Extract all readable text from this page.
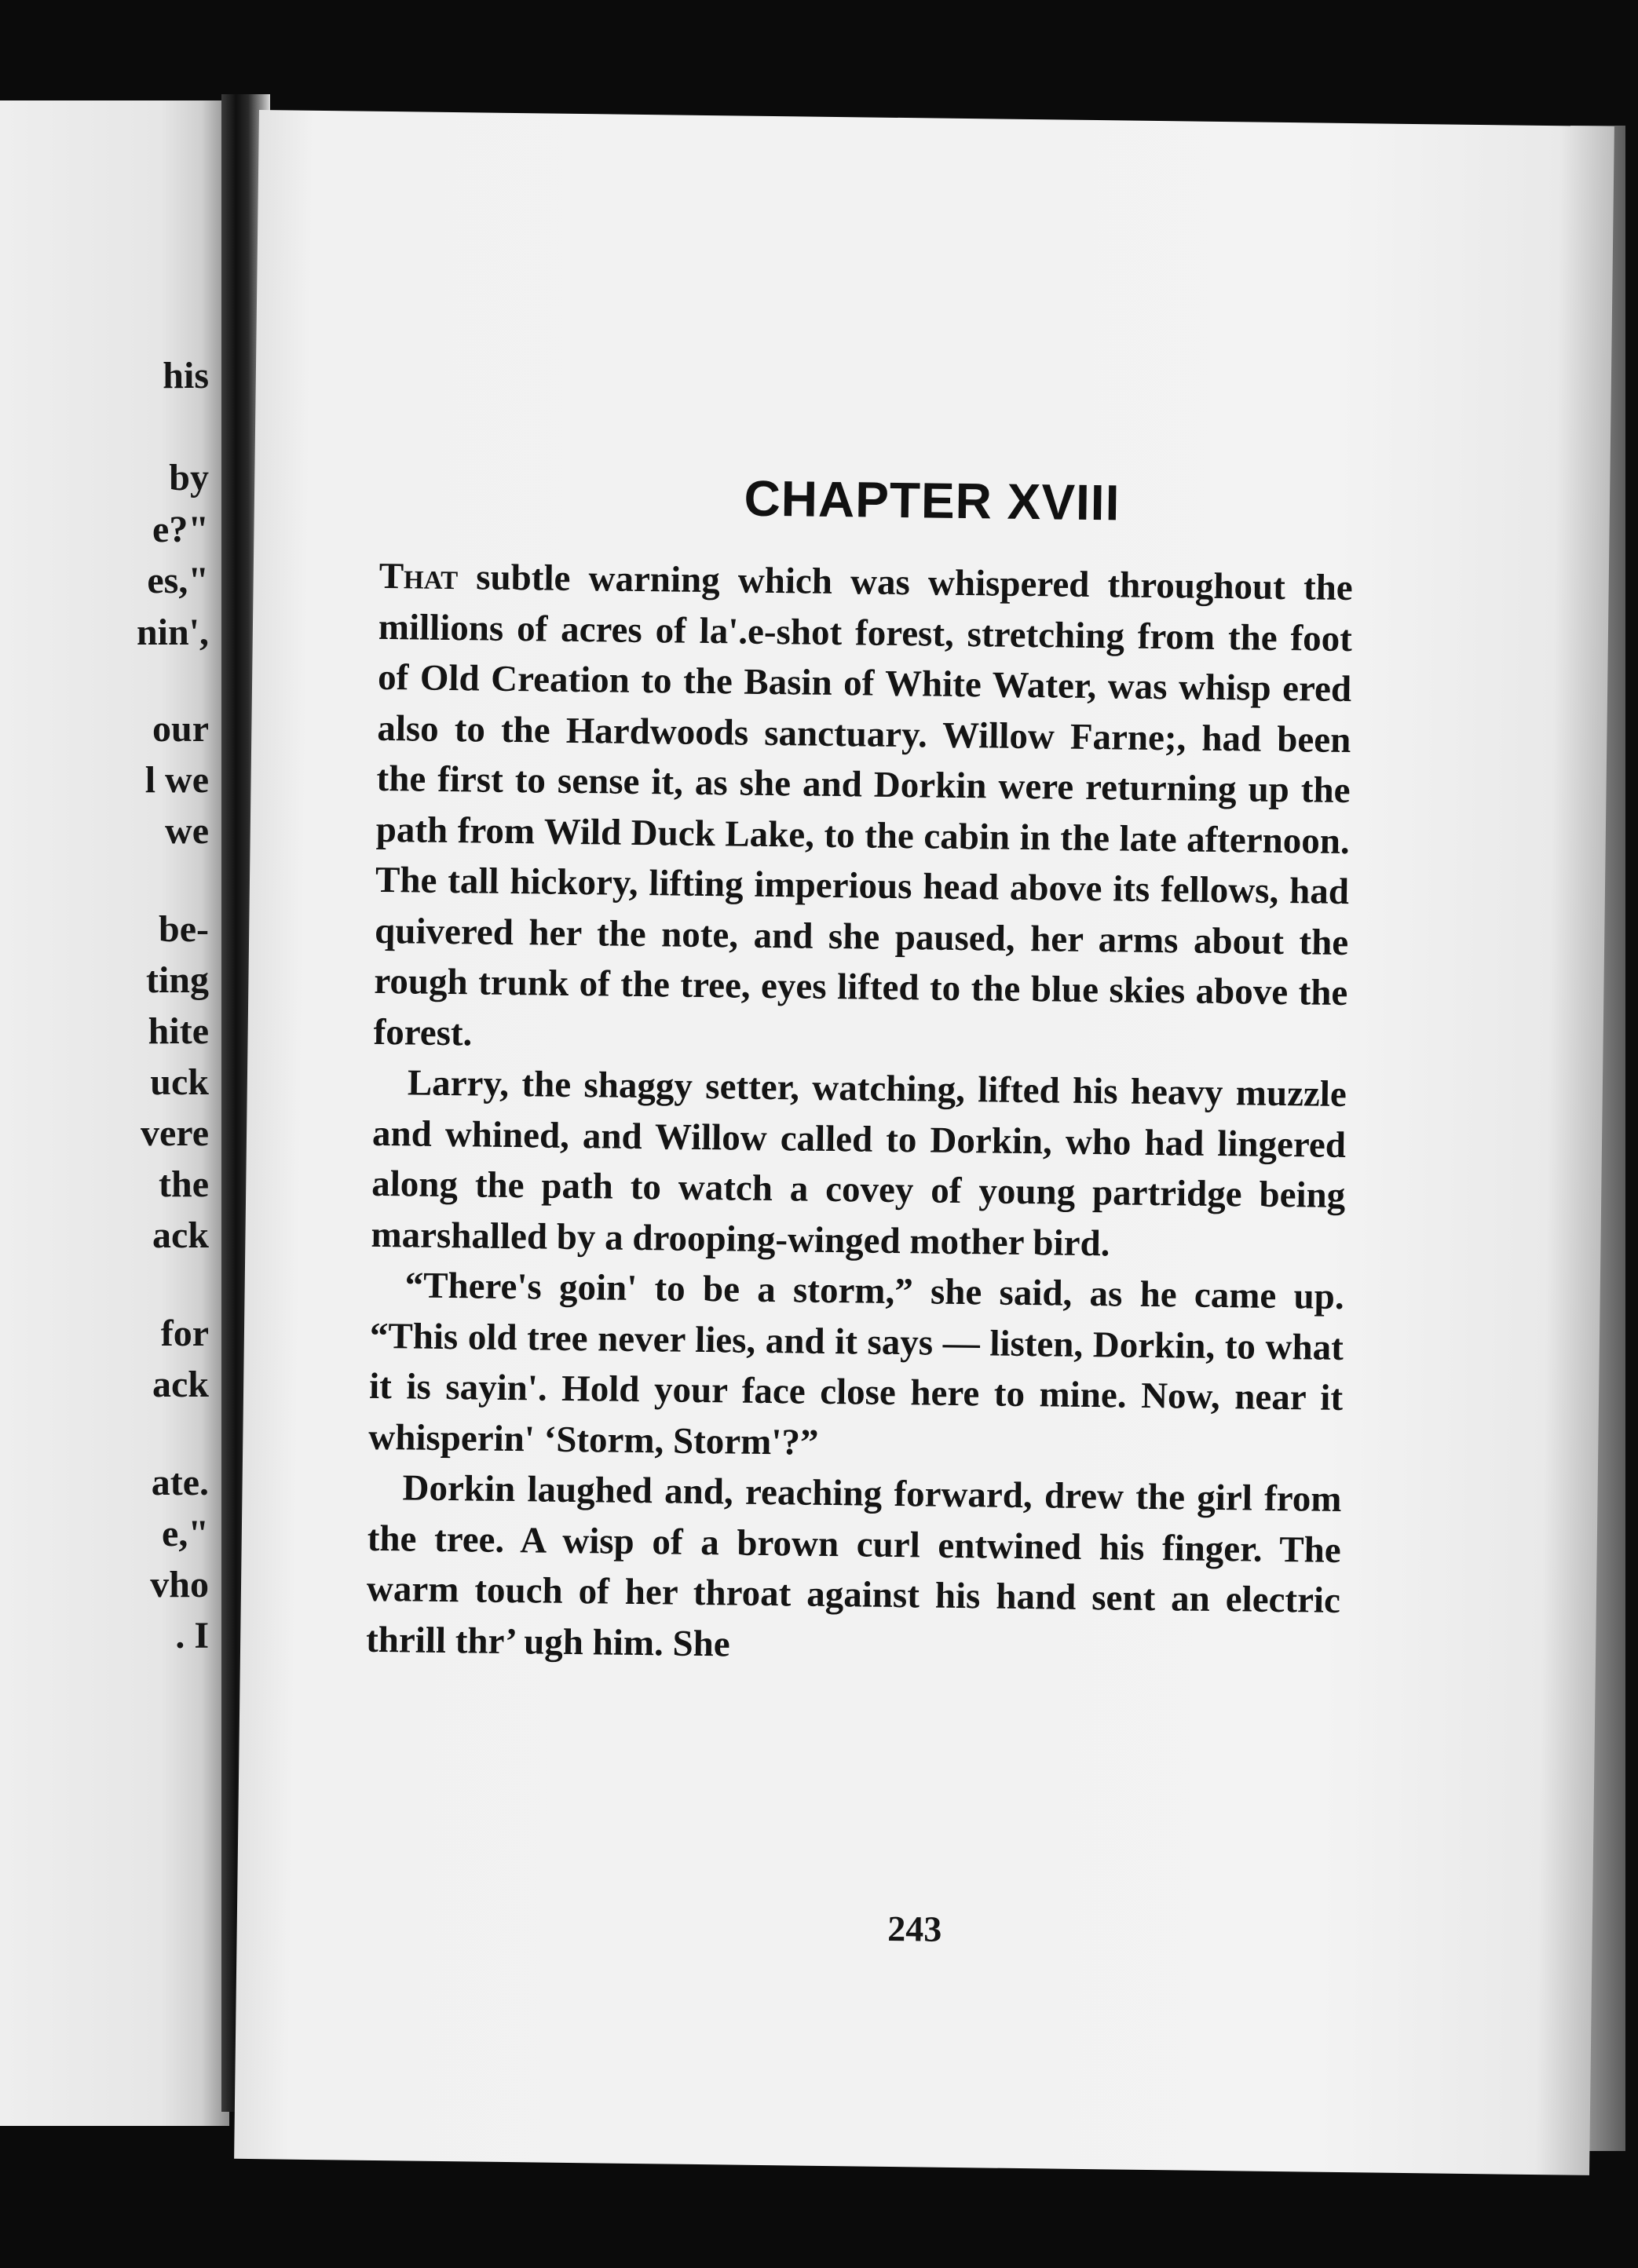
his
by
e?"
es,"
nin',
our
l we
we
be-
ting
hite
uck
vere
the
ack
for
ack
ate.
e,"
vho
. I
CHAPTER XVIII

That subtle warning which was whispered throughout the millions of acres of la'.e-shot forest, stretching from the foot of Old Creation to the Basin of White Water, was whisp ered also to the Hardwoods sanctuary. Willow Farne;, had been the first to sense it, as she and Dorkin were returning up the path from Wild Duck Lake, to the cabin in the late afternoon. The tall hickory, lifting imperious head above its fellows, had quivered her the note, and she paused, her arms about the rough trunk of the tree, eyes lifted to the blue skies above the forest.

Larry, the shaggy setter, watching, lifted his heavy muzzle and whined, and Willow called to Dorkin, who had lingered along the path to watch a covey of young partridge being marshalled by a drooping-winged mother bird.

“There's goin' to be a storm,” she said, as he came up. “This old tree never lies, and it says — listen, Dorkin, to what it is sayin'. Hold your face close here to mine. Now, near it whisperin' ‘Storm, Storm'?”

Dorkin laughed and, reaching forward, drew the girl from the tree. A wisp of a brown curl entwined his finger. The warm touch of her throat against his hand sent an electric thrill thr’ ugh him. She

243
